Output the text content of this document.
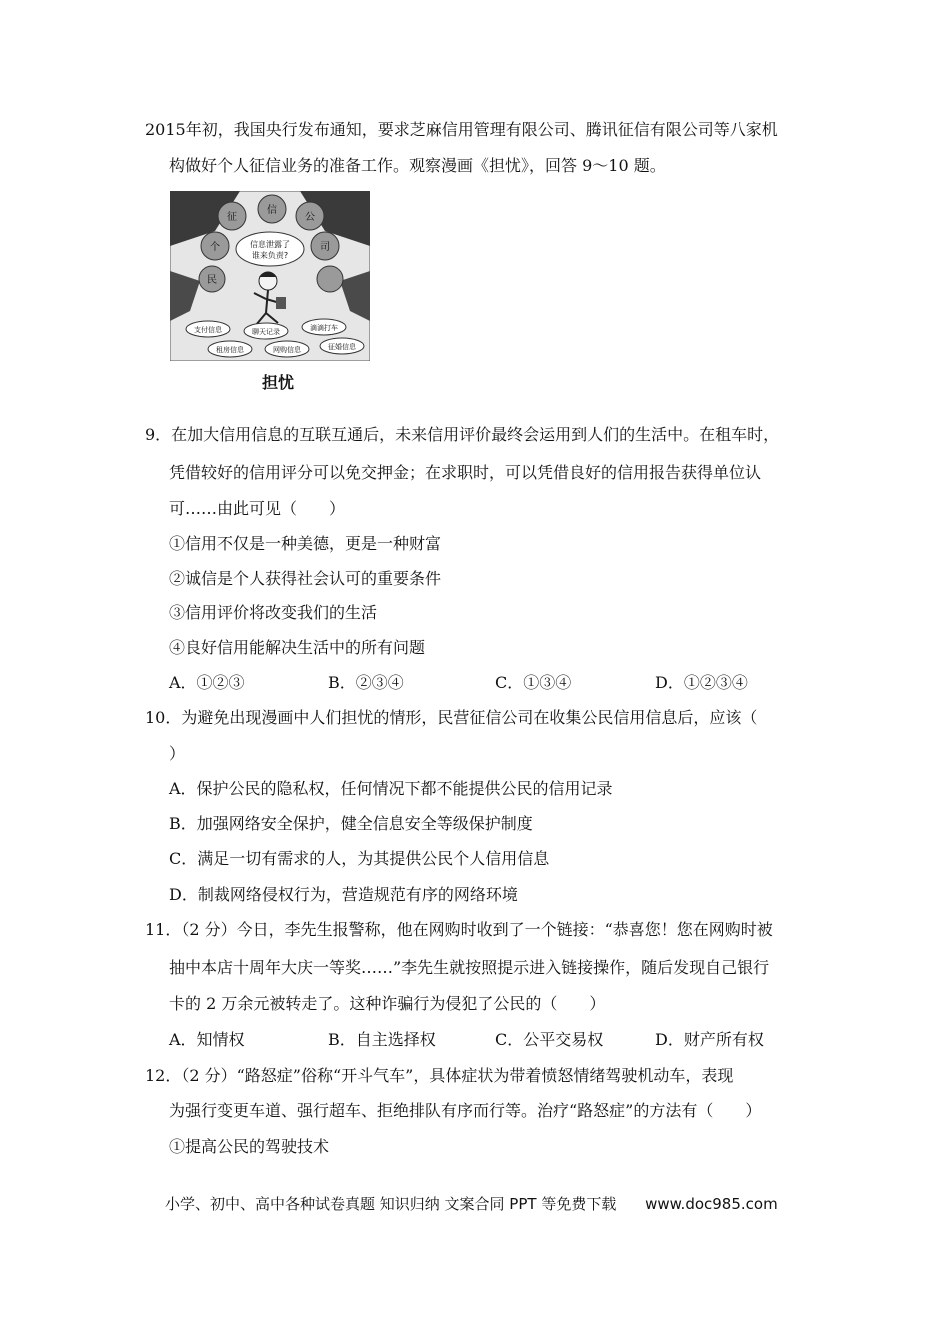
2015年初，我国央行发布通知，要求芝麻信用管理有限公司、腾讯征信有限公司等八家机
构做好个人征信业务的准备工作。观察漫画《担忧》，回答 9～10 题。
征
信
公
司
个
民
信息泄露了
谁来负责?
支付信息	聊天记录	滴滴打车
租房信息	网购信息	征婚信息
担忧
9．在加大信用信息的互联互通后，未来信用评价最终会运用到人们的生活中。在租车时，
凭借较好的信用评分可以免交押金；在求职时，可以凭借良好的信用报告获得单位认
可……由此可见（　　）
①信用不仅是一种美德，更是一种财富
②诚信是个人获得社会认可的重要条件
③信用评价将改变我们的生活
④良好信用能解决生活中的所有问题
A．①②③	B．②③④	C．①③④	D．①②③④
10．为避免出现漫画中人们担忧的情形，民营征信公司在收集公民信用信息后，应该（
）
A．保护公民的隐私权，任何情况下都不能提供公民的信用记录
B．加强网络安全保护，健全信息安全等级保护制度
C．满足一切有需求的人，为其提供公民个人信用信息
D．制裁网络侵权行为，营造规范有序的网络环境
11．（2 分）今日，李先生报警称，他在网购时收到了一个链接：“恭喜您！您在网购时被
抽中本店十周年大庆一等奖……”李先生就按照提示进入链接操作，随后发现自己银行
卡的 2 万余元被转走了。这种诈骗行为侵犯了公民的（　　）
A．知情权	B．自主选择权	C．公平交易权	D．财产所有权
12．（2 分）“路怒症”俗称“开斗气车”，具体症状为带着愤怒情绪驾驶机动车，表现
为强行变更车道、强行超车、拒绝排队有序而行等。治疗“路怒症”的方法有（　　）
①提高公民的驾驶技术
小学、初中、高中各种试卷真题 知识归纳 文案合同 PPT 等免费下载 www.doc985.com
